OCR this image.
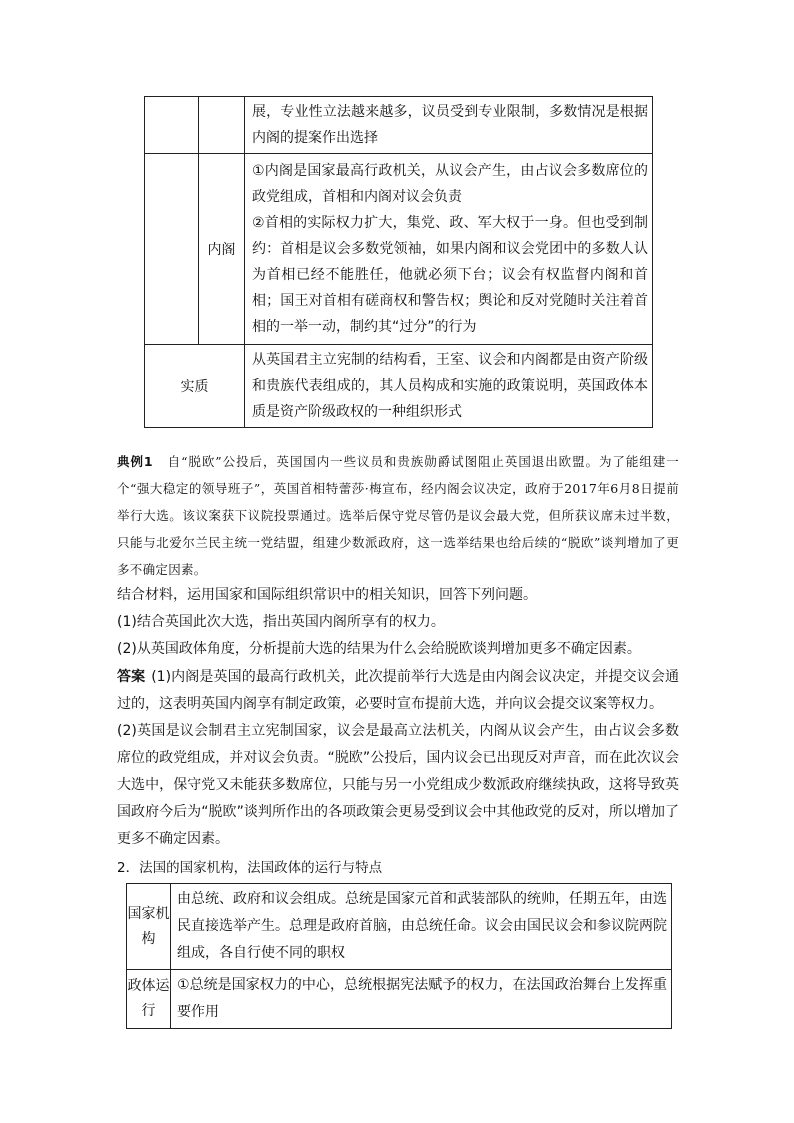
		展，专业性立法越来越多，议员受到专业限制，多数情况是根据内阁的提案作出选择

	内阁	①内阁是国家最高行政机关，从议会产生，由占议会多数席位的政党组成，首相和内阁对议会负责

②首相的实际权力扩大，集党、政、军大权于一身。但也受到制约：首相是议会多数党领袖，如果内阁和议会党团中的多数人认为首相已经不能胜任，他就必须下台；议会有权监督内阁和首相；国王对首相有磋商权和警告权；舆论和反对党随时关注着首相的一举一动，制约其“过分”的行为

实质		从英国君主立宪制的结构看，王室、议会和内阁都是由资产阶级和贵族代表组成的，其人员构成和实施的政策说明，英国政体本质是资产阶级政权的一种组织形式

典例1 自“脱欧”公投后，英国国内一些议员和贵族勋爵试图阻止英国退出欧盟。为了能组建一个“强大稳定的领导班子”，英国首相特蕾莎·梅宣布，经内阁会议决定，政府于2017年6月8日提前举行大选。该议案获下议院投票通过。选举后保守党尽管仍是议会最大党，但所获议席未过半数，只能与北爱尔兰民主统一党结盟，组建少数派政府，这一选举结果也给后续的“脱欧”谈判增加了更多不确定因素。

结合材料，运用国家和国际组织常识中的相关知识，回答下列问题。

(1)结合英国此次大选，指出英国内阁所享有的权力。

(2)从英国政体角度，分析提前大选的结果为什么会给脱欧谈判增加更多不确定因素。

答案 (1)内阁是英国的最高行政机关，此次提前举行大选是由内阁会议决定，并提交议会通过的，这表明英国内阁享有制定政策，必要时宣布提前大选，并向议会提交议案等权力。

(2)英国是议会制君主立宪制国家，议会是最高立法机关，内阁从议会产生，由占议会多数席位的政党组成，并对议会负责。“脱欧”公投后，国内议会已出现反对声音，而在此次议会大选中，保守党又未能获多数席位，只能与另一小党组成少数派政府继续执政，这将导致英国政府今后为“脱欧”谈判所作出的各项政策会更易受到议会中其他政党的反对，所以增加了更多不确定因素。

2．法国的国家机构，法国政体的运行与特点
国家机构	由总统、政府和议会组成。总统是国家元首和武装部队的统帅，任期五年，由选民直接选举产生。总理是政府首脑，由总统任命。议会由国民议会和参议院两院组成，各自行使不同的职权

政体运行	①总统是国家权力的中心，总统根据宪法赋予的权力，在法国政治舞台上发挥重要作用
